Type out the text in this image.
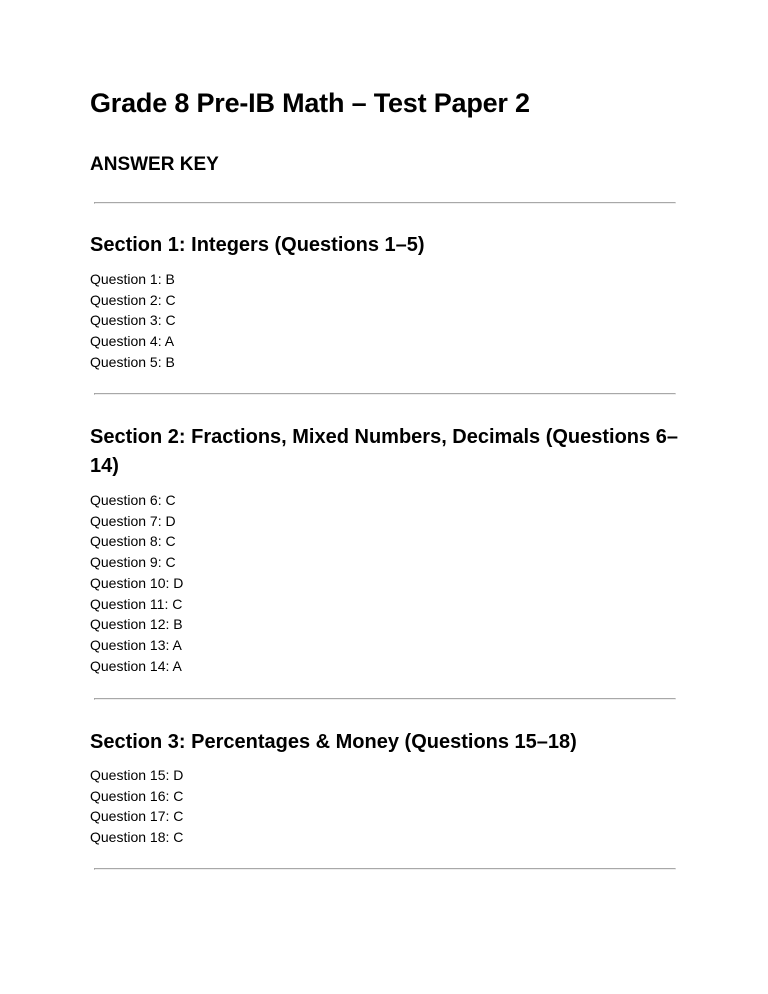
Grade 8 Pre-IB Math – Test Paper 2
ANSWER KEY
Section 1: Integers (Questions 1–5)
Question 1: B
Question 2: C
Question 3: C
Question 4: A
Question 5: B
Section 2: Fractions, Mixed Numbers, Decimals (Questions 6–14)
Question 6: C
Question 7: D
Question 8: C
Question 9: C
Question 10: D
Question 11: C
Question 12: B
Question 13: A
Question 14: A
Section 3: Percentages & Money (Questions 15–18)
Question 15: D
Question 16: C
Question 17: C
Question 18: C
